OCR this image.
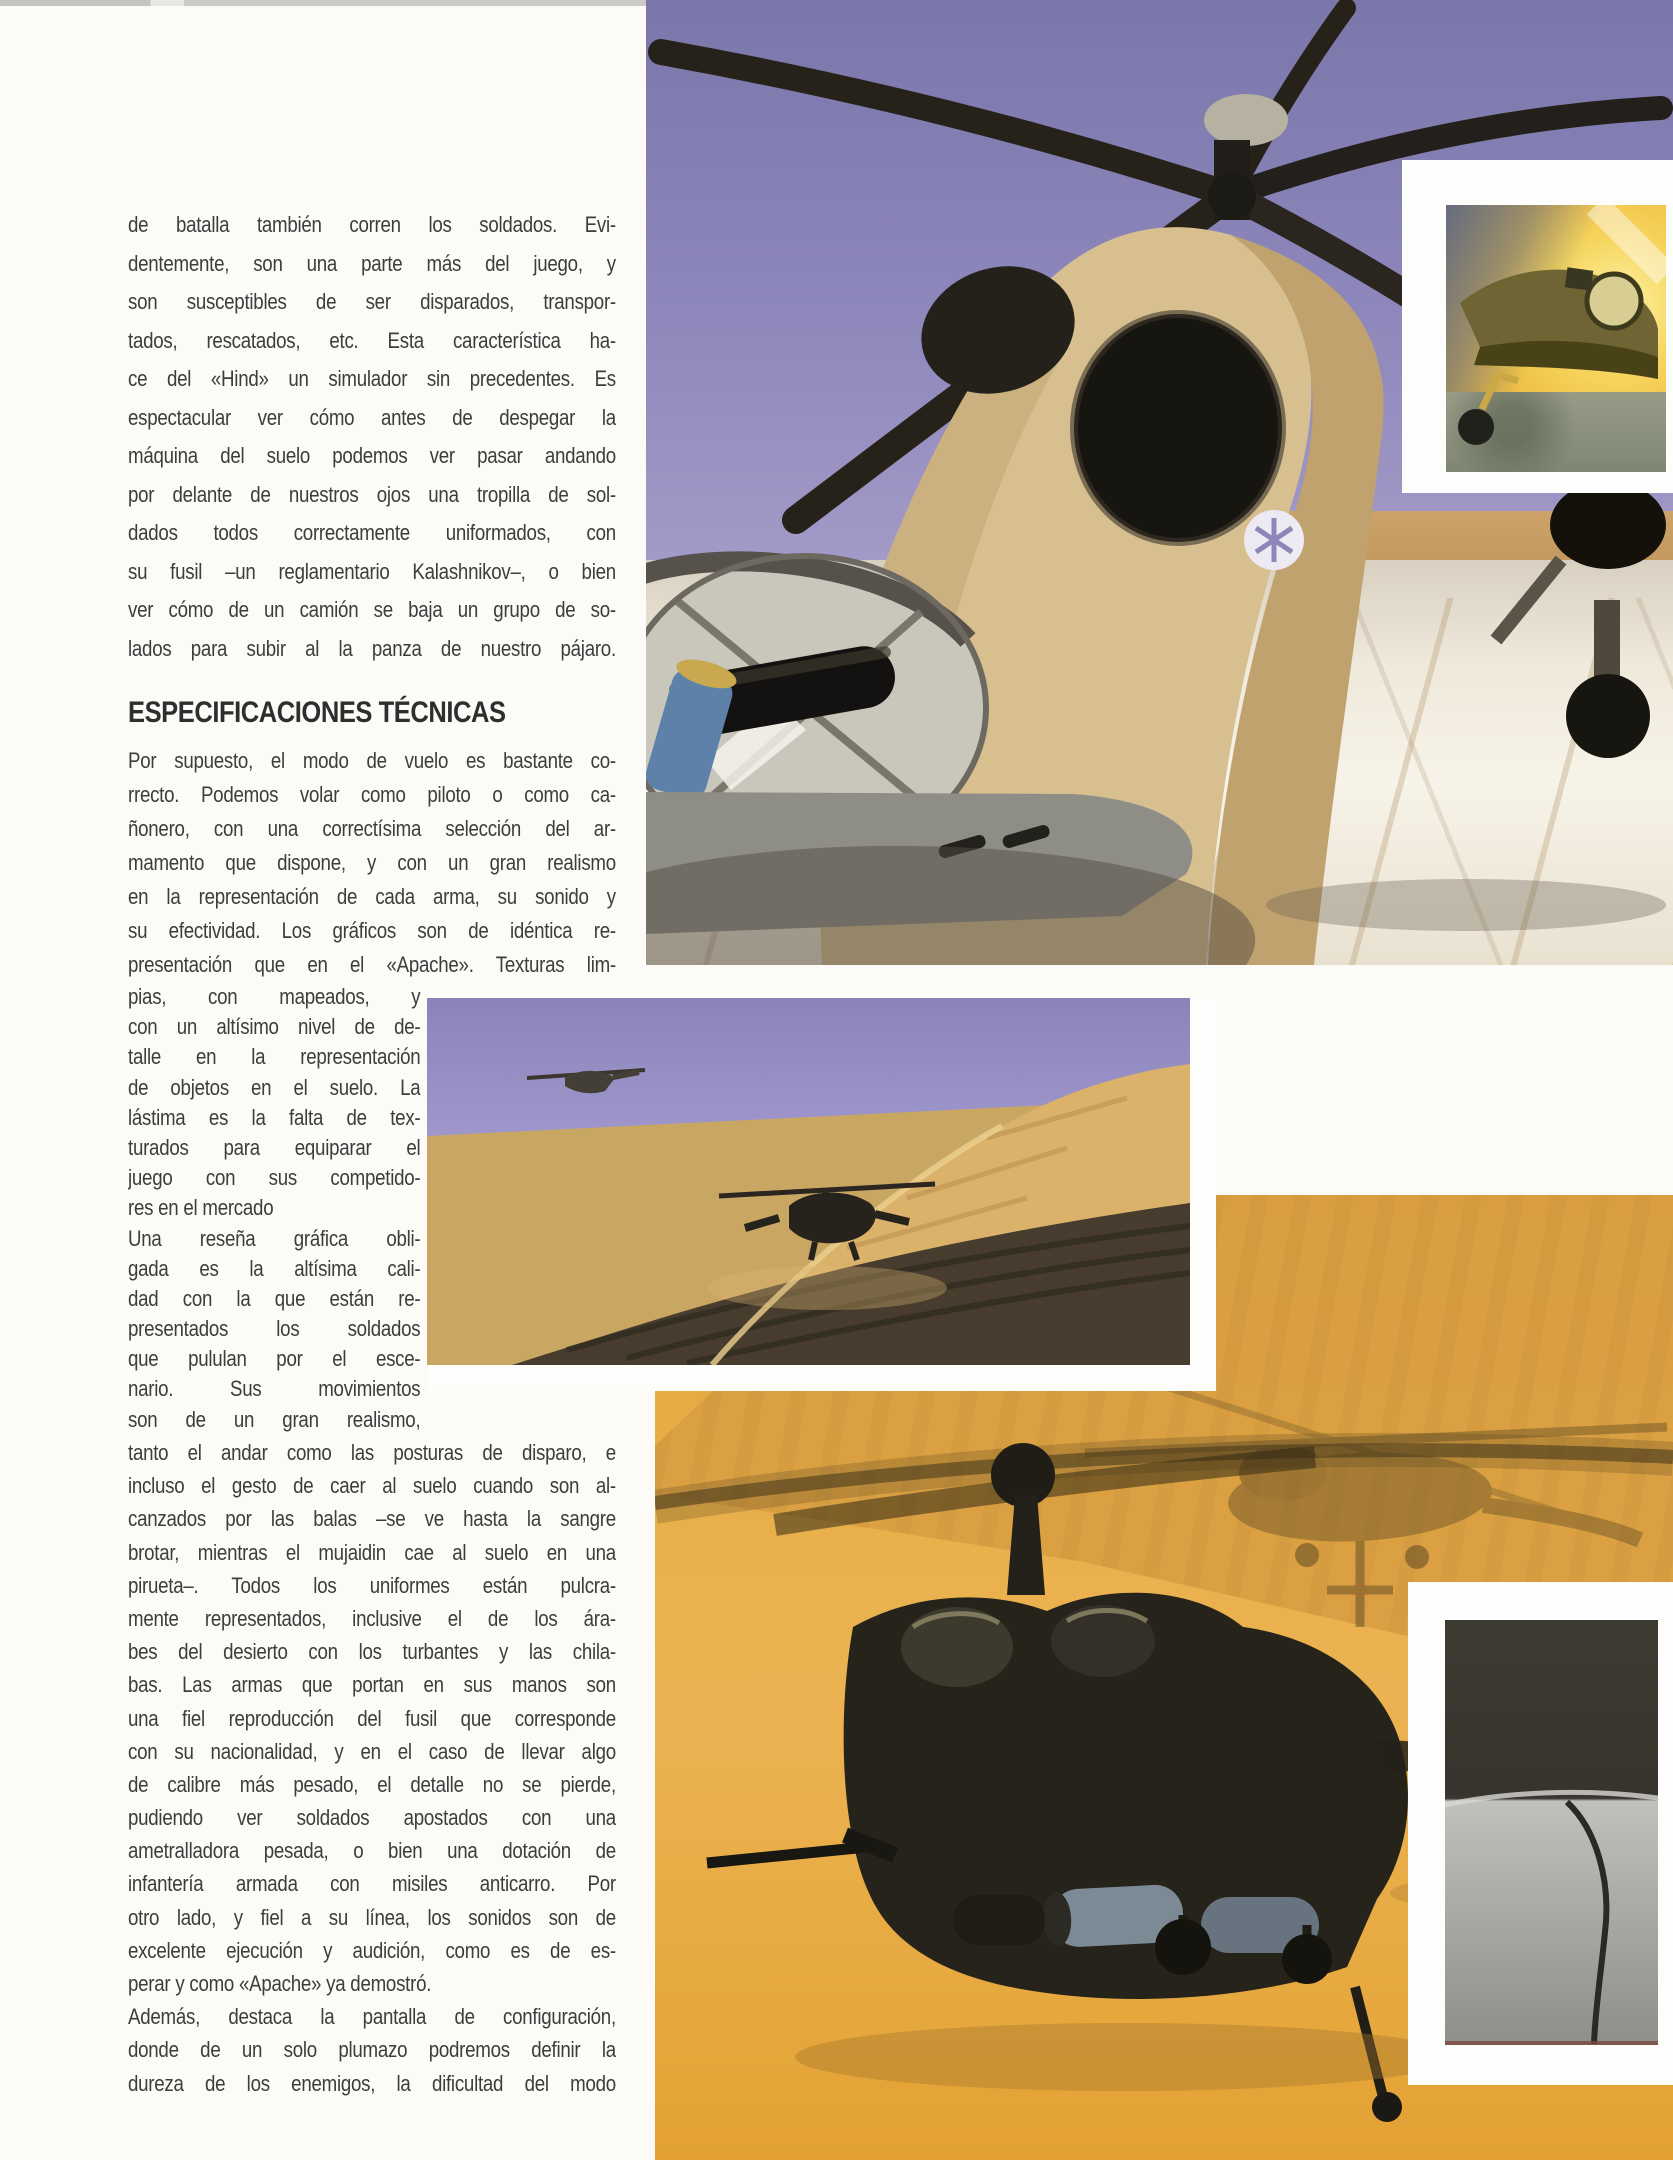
de batalla también corren los soldados. Evi-
dentemente, son una parte más del juego, y
son susceptibles de ser disparados, transpor-
tados, rescatados, etc. Esta característica ha-
ce del «Hind» un simulador sin precedentes. Es
espectacular ver cómo antes de despegar la
máquina del suelo podemos ver pasar andando
por delante de nuestros ojos una tropilla de sol-
dados todos correctamente uniformados, con
su fusil –un reglamentario Kalashnikov–, o bien
ver cómo de un camión se baja un grupo de so-
lados para subir al la panza de nuestro pájaro.
ESPECIFICACIONES TÉCNICAS
Por supuesto, el modo de vuelo es bastante co-
rrecto. Podemos volar como piloto o como ca-
ñonero, con una correctísima selección del ar-
mamento que dispone, y con un gran realismo
en la representación de cada arma, su sonido y
su efectividad. Los gráficos son de idéntica re-
presentación que en el «Apache». Texturas lim-
pias, con mapeados, y
con un altísimo nivel de de-
talle en la representación
de objetos en el suelo. La
lástima es la falta de tex-
turados para equiparar el
juego con sus competido-
res en el mercado
Una reseña gráfica obli-
gada es la altísima cali-
dad con la que están re-
presentados los soldados
que pululan por el esce-
nario. Sus movimientos
son de un gran realismo,
tanto el andar como las posturas de disparo, e
incluso el gesto de caer al suelo cuando son al-
canzados por las balas –se ve hasta la sangre
brotar, mientras el mujaidin cae al suelo en una
pirueta–. Todos los uniformes están pulcra-
mente representados, inclusive el de los ára-
bes del desierto con los turbantes y las chila-
bas. Las armas que portan en sus manos son
una fiel reproducción del fusil que corresponde
con su nacionalidad, y en el caso de llevar algo
de calibre más pesado, el detalle no se pierde,
pudiendo ver soldados apostados con una
ametralladora pesada, o bien una dotación de
infantería armada con misiles anticarro. Por
otro lado, y fiel a su línea, los sonidos son de
excelente ejecución y audición, como es de es-
perar y como «Apache» ya demostró.
Además, destaca la pantalla de configuración,
donde de un solo plumazo podremos definir la
dureza de los enemigos, la dificultad del modo
